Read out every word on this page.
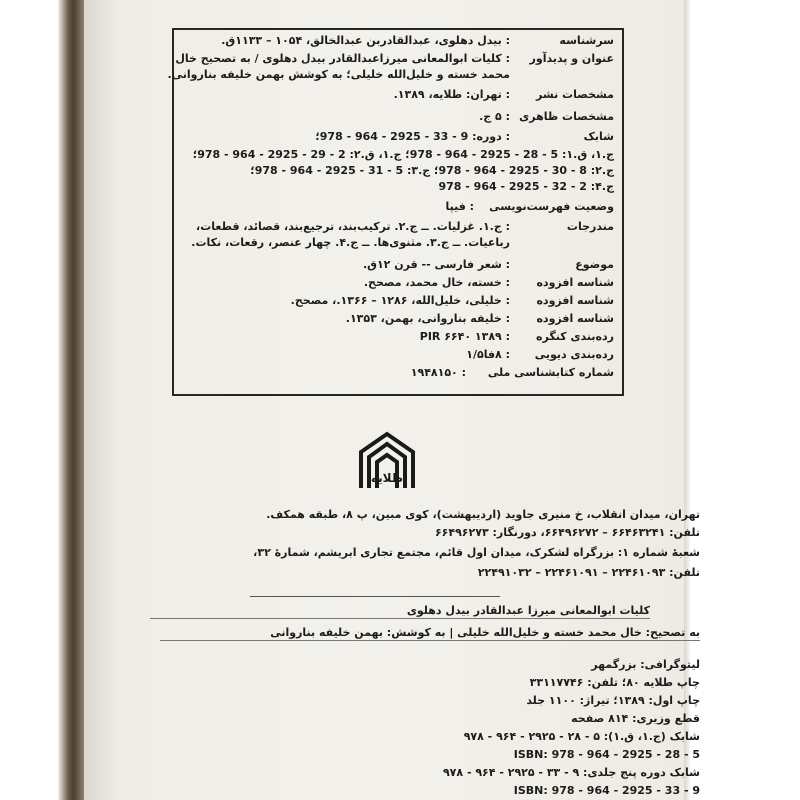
سرشناسه: بیدل دهلوی، عبدالقادربن عبدالخالق، ۱۰۵۴ – ۱۱۳۳ق.
عنوان و پدیدآور: کلیات ابوالمعانی میرزاعبدالقادر بیدل دهلوی / به تصحیح خال
محمد خسته و خلیل‌الله خلیلی؛ به کوشش بهمن خلیفه بناروانی.
مشخصات نشر: تهران: طلایه، ۱۳۸۹.
مشخصات ظاهری: ۵ ج.
شابک: دوره: 9 - 33 - 2925 - 964 - 978؛
ج.۱، ق.۱: 5 - 28 - 2925 - 964 - 978؛ ج.۱، ق.۲: 2 - 29 - 2925 - 964 - 978؛
ج.۲: 8 - 30 - 2925 - 964 - 978؛ ج.۳: 5 - 31 - 2925 - 964 - 978؛
ج.۴: 2 - 32 - 2925 - 964 - 978
وضعیت فهرست‌نویسی: فیپا
مندرجات: ج.۱. غزلیات. ــ ج.۲. ترکیب‌بند، ترجیع‌بند، قصائد، قطعات،
رباعیات. ــ ج.۳. مثنوی‌ها. ــ ج.۴. چهار عنصر، رقعات، نکات.
موضوع: شعر فارسی -- قرن ۱۲ق.
شناسه افزوده: خسته، خال محمد، مصحح.
شناسه افزوده: خلیلی، خلیل‌الله، ۱۲۸۶ – ۱۳۶۶.، مصحح.
شناسه افزوده: خلیفه بناروانی، بهمن، ۱۳۵۳.
رده‌بندی کنگره: PIR ۶۶۴۰ ۱۳۸۹
رده‌بندی دیویی: ۸فا۱/۵
شماره کتابشناسی ملی: ۱۹۴۸۱۵۰
طلایه
تهران، میدان انقلاب، خ منیری جاوید (اردیبهشت)، کوی مبین، پ ۸، طبقه همکف.
تلفن: ۶۶۴۶۳۲۴۱ – ۶۶۴۹۶۲۷۲، دورنگار: ۶۶۴۹۶۲۷۳
شعبهٔ شماره ۱: بزرگراه لشکرک، میدان اول قائم، مجتمع تجاری ابریشم، شمارهٔ ۳۲،
تلفن: ۲۲۴۶۱۰۹۳ – ۲۲۴۶۱۰۹۱ – ۲۲۴۹۱۰۳۲
کلیات ابوالمعانی میرزا عبدالقادر بیدل دهلوی
به تصحیح: خال محمد خسته و خلیل‌الله خلیلی | به کوشش: بهمن خلیفه بناروانی
لیتوگرافی: بزرگمهر
چاپ طلایه ۸۰؛ تلفن: ۳۳۱۱۷۷۴۶
چاپ اول: ۱۳۸۹؛ تیراژ: ۱۱۰۰ جلد
قطع وزیری: ۸۱۴ صفحه
شابک (ج.۱، ق.۱): ۵ - ۲۸ - ۲۹۲۵ - ۹۶۴ - ۹۷۸
ISBN: 978 - 964 - 2925 - 28 - 5
شابک دوره پنج جلدی: ۹ - ۳۳ - ۲۹۲۵ - ۹۶۴ - ۹۷۸
ISBN: 978 - 964 - 2925 - 33 - 9
